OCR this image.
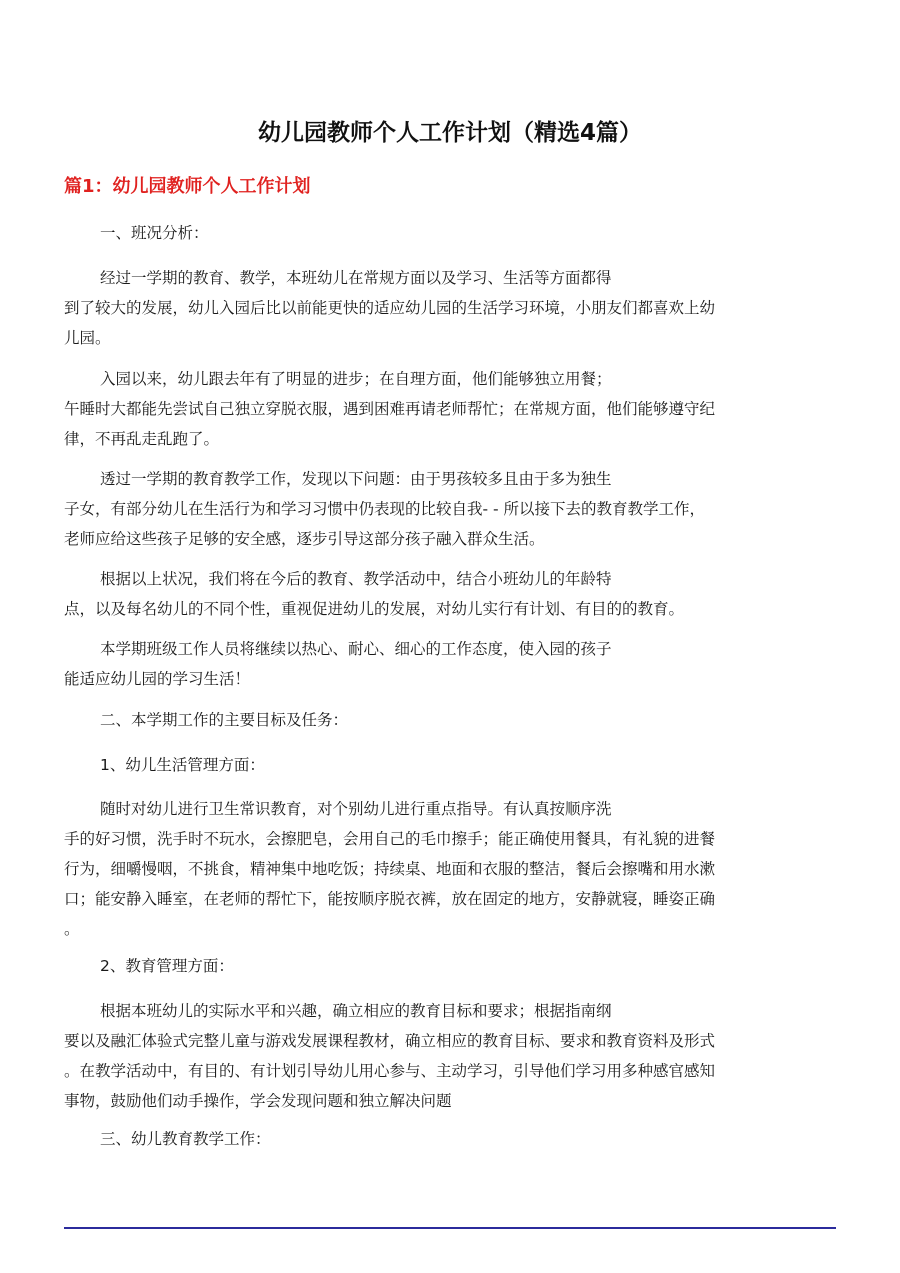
幼儿园教师个人工作计划（精选4篇）
篇1：幼儿园教师个人工作计划
一、班况分析：
经过一学期的教育、教学，本班幼儿在常规方面以及学习、生活等方面都得
到了较大的发展，幼儿入园后比以前能更快的适应幼儿园的生活学习环境，小朋友们都喜欢上幼
儿园。
入园以来，幼儿跟去年有了明显的进步；在自理方面，他们能够独立用餐；
午睡时大都能先尝试自己独立穿脱衣服，遇到困难再请老师帮忙；在常规方面，他们能够遵守纪
律，不再乱走乱跑了。
透过一学期的教育教学工作，发现以下问题：由于男孩较多且由于多为独生
子女，有部分幼儿在生活行为和学习习惯中仍表现的比较自我- - 所以接下去的教育教学工作，
老师应给这些孩子足够的安全感，逐步引导这部分孩子融入群众生活。
根据以上状况，我们将在今后的教育、教学活动中，结合小班幼儿的年龄特
点，以及每名幼儿的不同个性，重视促进幼儿的发展，对幼儿实行有计划、有目的的教育。
本学期班级工作人员将继续以热心、耐心、细心的工作态度，使入园的孩子
能适应幼儿园的学习生活！
二、本学期工作的主要目标及任务：
1、幼儿生活管理方面：
随时对幼儿进行卫生常识教育，对个别幼儿进行重点指导。有认真按顺序洗
手的好习惯，洗手时不玩水，会擦肥皂，会用自己的毛巾擦手；能正确使用餐具，有礼貌的进餐
行为，细嚼慢咽，不挑食，精神集中地吃饭；持续桌、地面和衣服的整洁，餐后会擦嘴和用水漱
口；能安静入睡室，在老师的帮忙下，能按顺序脱衣裤，放在固定的地方，安静就寝，睡姿正确
。
2、教育管理方面：
根据本班幼儿的实际水平和兴趣，确立相应的教育目标和要求；根据指南纲
要以及融汇体验式完整儿童与游戏发展课程教材，确立相应的教育目标、要求和教育资料及形式
。在教学活动中，有目的、有计划引导幼儿用心参与、主动学习，引导他们学习用多种感官感知
事物，鼓励他们动手操作，学会发现问题和独立解决问题
三、幼儿教育教学工作：
